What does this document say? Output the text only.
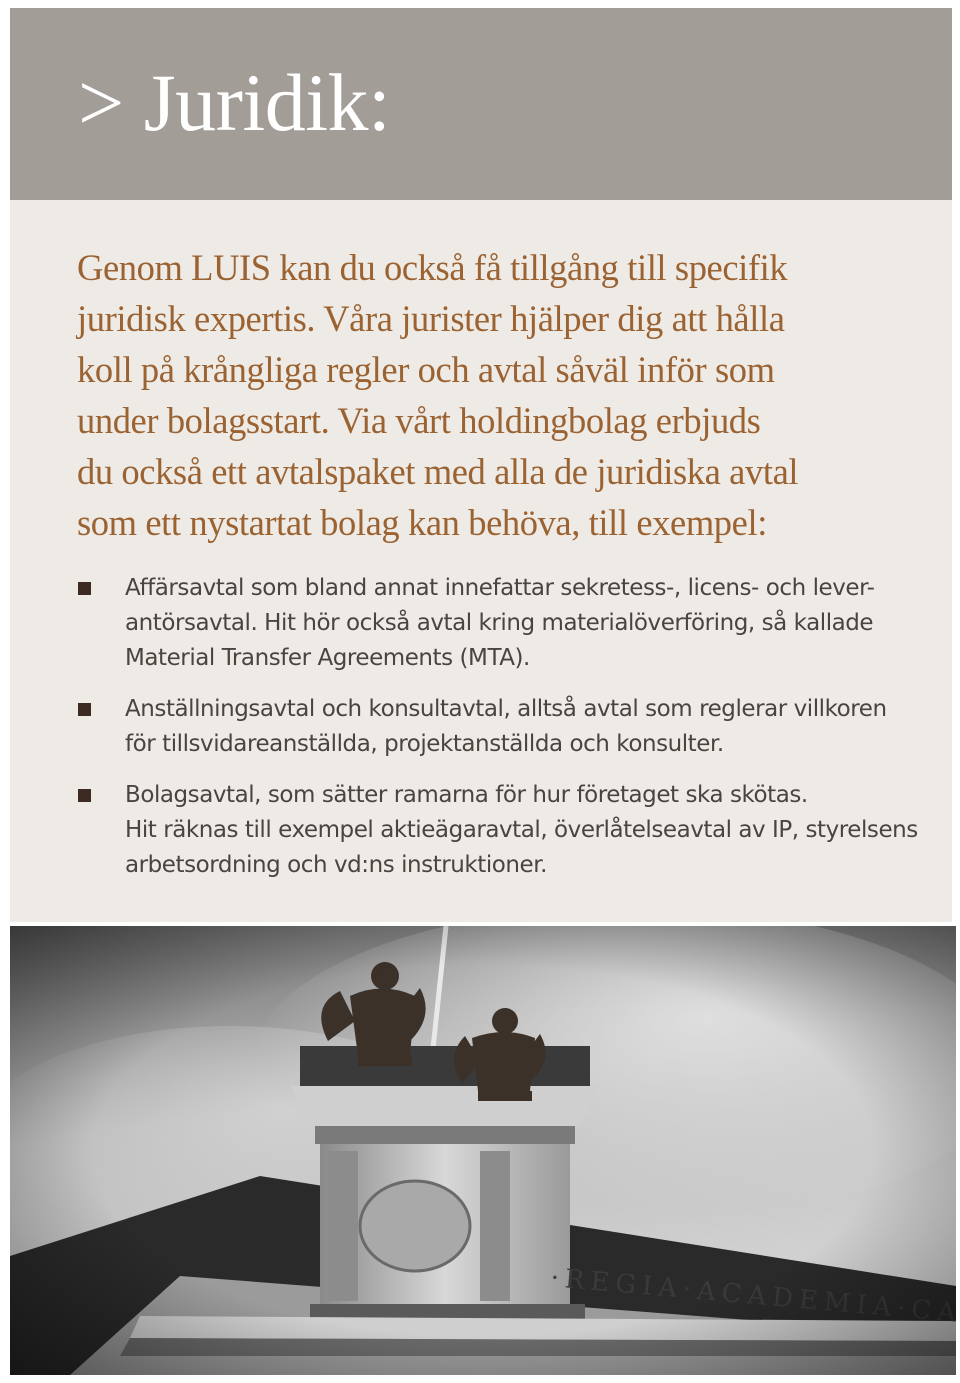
> Juridik:

Genom LUIS kan du också få tillgång till specifik
juridisk expertis. Våra jurister hjälper dig att hålla
koll på krångliga regler och avtal såväl inför som
under bolagsstart. Via vårt holdingbolag erbjuds
du också ett avtalspaket med alla de juridiska avtal
som ett nystartat bolag kan behöva, till exempel:

Affärsavtal som bland annat innefattar sekretess-, licens- och lever-
antörsavtal. Hit hör också avtal kring materialöverföring, så kallade
Material Transfer Agreements (MTA).
Anställningsavtal och konsultavtal, alltså avtal som reglerar villkoren
för tillsvidareanställda, projektanställda och konsulter.
Bolagsavtal, som sätter ramarna för hur företaget ska skötas.
Hit räknas till exempel aktieägaravtal, överlåtelseavtal av IP, styrelsens
arbetsordning och vd:ns instruktioner.
